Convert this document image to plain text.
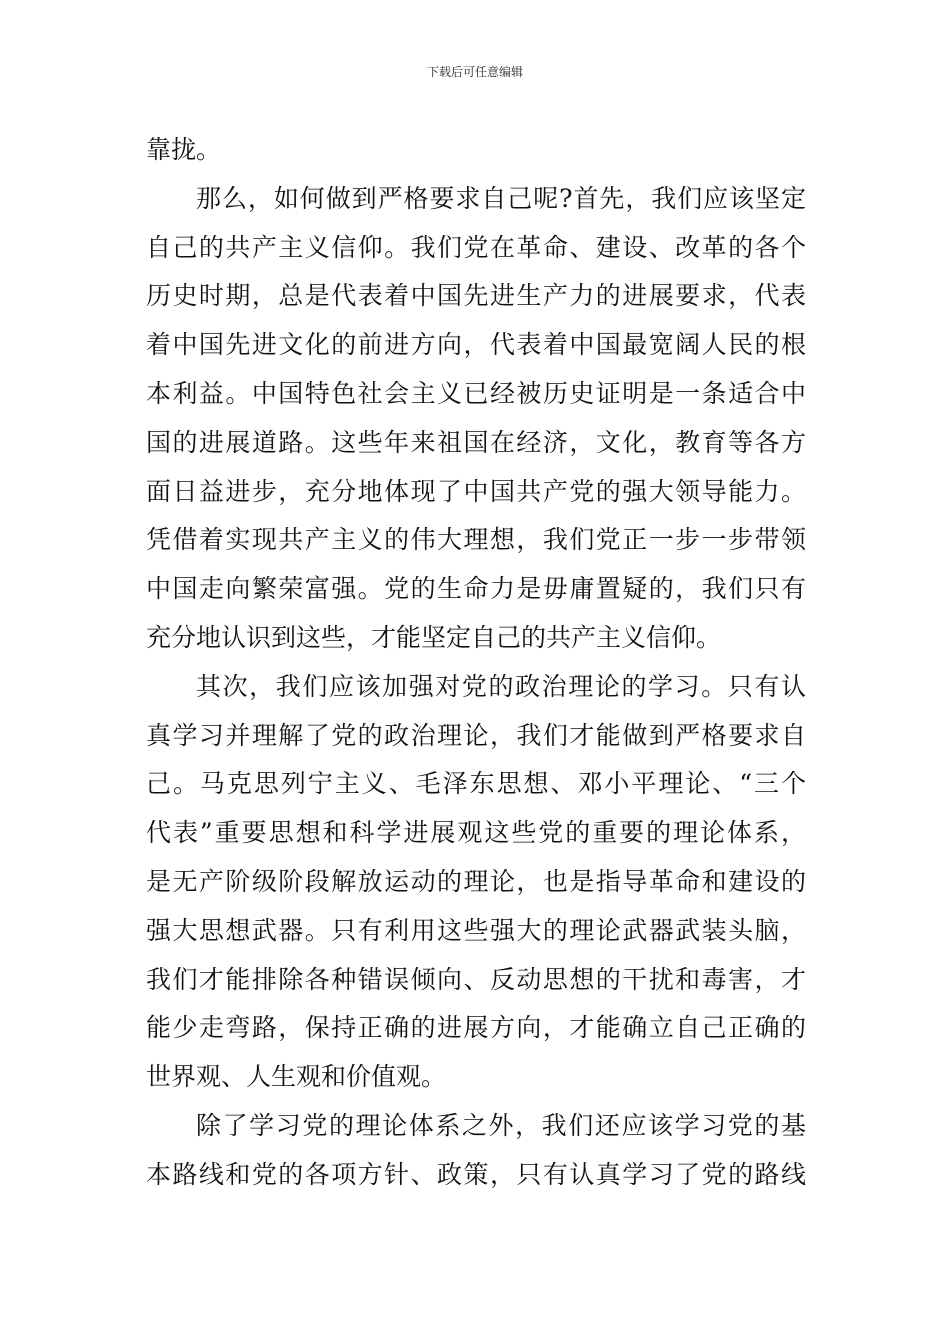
下载后可任意编辑
靠拢。
那么，如何做到严格要求自己呢?首先，我们应该坚定
自己的共产主义信仰。我们党在革命、建设、改革的各个
历史时期，总是代表着中国先进生产力的进展要求，代表
着中国先进文化的前进方向，代表着中国最宽阔人民的根
本利益。中国特色社会主义已经被历史证明是一条适合中
国的进展道路。这些年来祖国在经济，文化，教育等各方
面日益进步，充分地体现了中国共产党的强大领导能力。
凭借着实现共产主义的伟大理想，我们党正一步一步带领
中国走向繁荣富强。党的生命力是毋庸置疑的，我们只有
充分地认识到这些，才能坚定自己的共产主义信仰。
其次，我们应该加强对党的政治理论的学习。只有认
真学习并理解了党的政治理论，我们才能做到严格要求自
己。马克思列宁主义、毛泽东思想、邓小平理论、“三个
代表”重要思想和科学进展观这些党的重要的理论体系，
是无产阶级阶段解放运动的理论，也是指导革命和建设的
强大思想武器。只有利用这些强大的理论武器武装头脑，
我们才能排除各种错误倾向、反动思想的干扰和毒害，才
能少走弯路，保持正确的进展方向，才能确立自己正确的
世界观、人生观和价值观。
除了学习党的理论体系之外，我们还应该学习党的基
本路线和党的各项方针、政策，只有认真学习了党的路线
